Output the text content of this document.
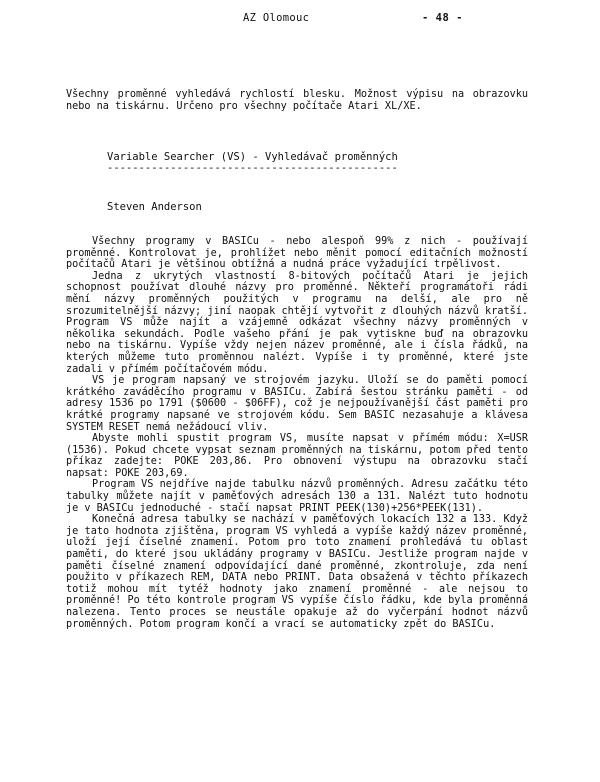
AZ Olomouc	- 48 -
Všechny proměnné vyhledává rychlostí blesku. Možnost výpisu na obrazovku nebo na tiskárnu. Určeno pro všechny počítače Atari XL/XE.
Variable Searcher (VS) - Vyhledávač proměnných
----------------------------------------------
Steven Anderson

Všechny programy v BASICu - nebo alespoň 99% z nich - používají proměnné. Kontrolovat je, prohlížet nebo měnit pomocí editačních možností počítačů Atari je většinou obtížná a nudná práce vyžadující trpělivost.

Jedna z ukrytých vlastností 8-bitových počítačů Atari je jejich schopnost používat dlouhé názvy pro proměnné. Někteří programátoři rádi mění názvy proměnných použitých v programu na delší, ale pro ně srozumitelnější názvy; jiní naopak chtějí vytvořit z dlouhých názvů kratší. Program VS může najít a vzájemně odkázat všechny názvy proměnných v několika sekundách. Podle vašeho přání je pak vytiskne buď na obrazovku nebo na tiskárnu. Vypíše vždy nejen název proměnné, ale i čísla řádků, na kterých můžeme tuto proměnnou nalézt. Vypíše i ty proměnné, které jste zadali v přímém počítačovém módu.

VS je program napsaný ve strojovém jazyku. Uloží se do paměti pomocí krátkého zaváděcího programu v BASICu. Zabírá šestou stránku paměti - od adresy 1536 po 1791 ($0600 - $06FF), což je nejpoužívanější část paměti pro krátké programy napsané ve strojovém kódu. Sem BASIC nezasahuje a klávesa SYSTEM RESET nemá nežádoucí vliv.

Abyste mohli spustit program VS, musíte napsat v přímém módu: X=USR (1536). Pokud chcete vypsat seznam proměnných na tiskárnu, potom před tento příkaz zadejte: POKE 203,86. Pro obnovení výstupu na obrazovku stačí napsat: POKE 203,69.

Program VS nejdříve najde tabulku názvů proměnných. Adresu začátku této tabulky můžete najít v paměťových adresách 130 a 131. Nalézt tuto hodnotu je v BASICu jednoduché - stačí napsat PRINT PEEK(130)+256*PEEK(131).

Konečná adresa tabulky se nachází v paměťových lokacích 132 a 133. Když je tato hodnota zjištěna, program VS vyhledá a vypíše každý název proměnné, uloží její číselné znamení. Potom pro toto znamení prohledává tu oblast paměti, do které jsou ukládány programy v BASICu. Jestliže program najde v paměti číselné znamení odpovídající dané proměnné, zkontroluje, zda není použito v příkazech REM, DATA nebo PRINT. Data obsažená v těchto příkazech totiž mohou mít tytéž hodnoty jako znamení proměnné - ale nejsou to proměnné! Po této kontrole program VS vypíše číslo řádku, kde byla proměnná nalezena. Tento proces se neustále opakuje až do vyčerpání hodnot názvů proměnných. Potom program končí a vrací se automaticky zpět do BASICu.
